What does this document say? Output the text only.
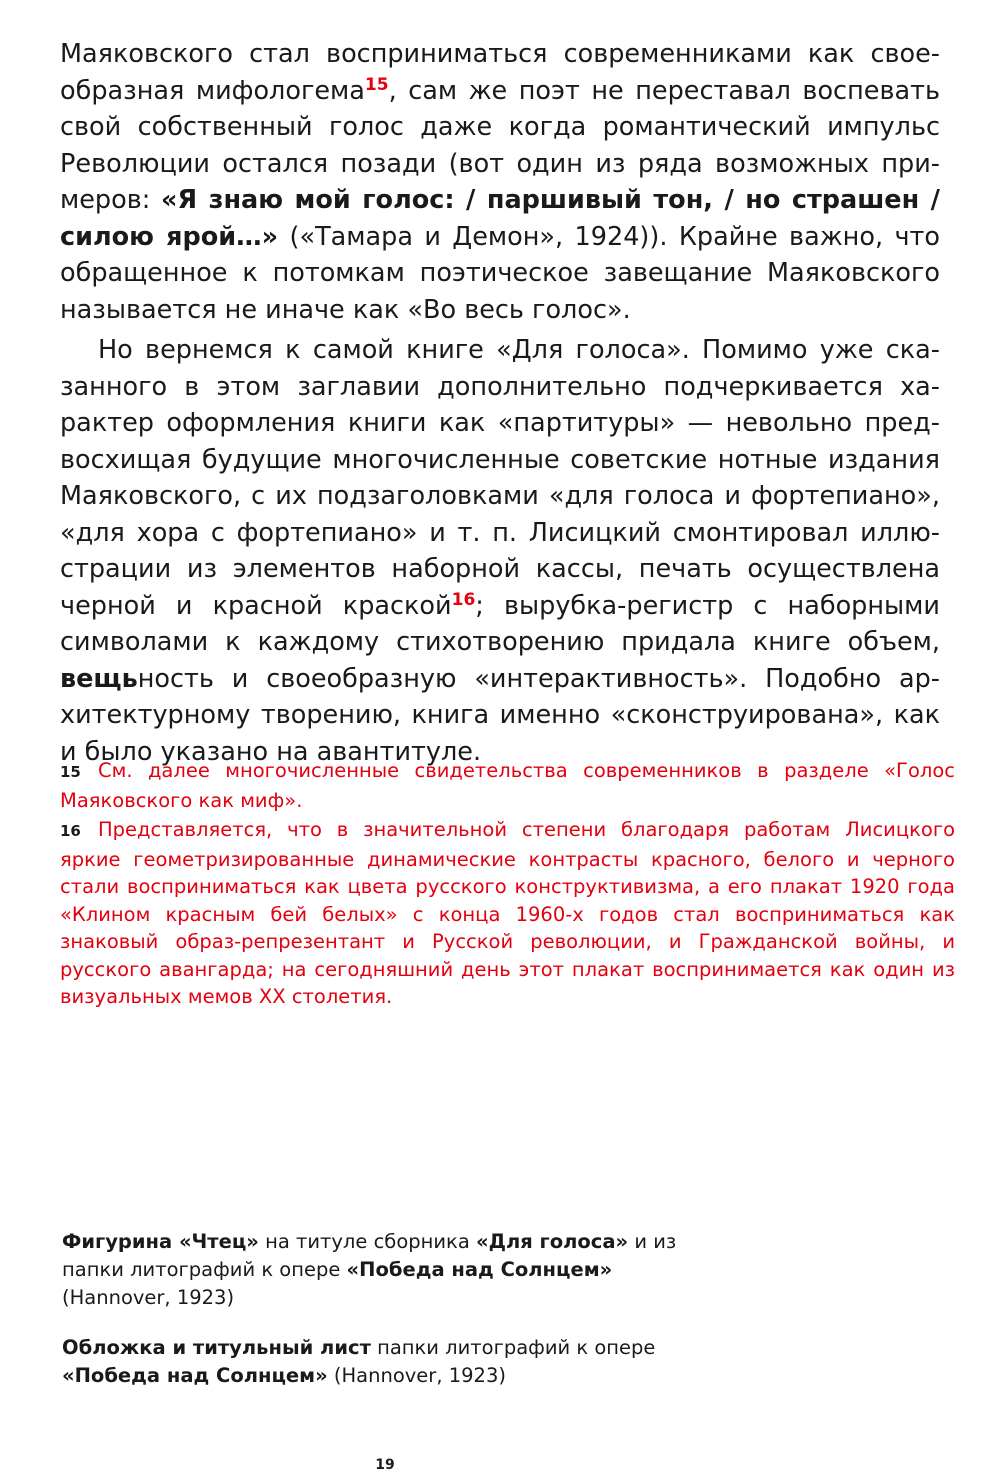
Маяковского стал восприниматься современниками как своеобразная мифологема$^{15}$, сам же поэт не переставал воспевать свой собственный голос даже когда романтический импульс Революции остался позади (вот один из ряда возможных примеров: «Я знаю мой голос: / паршивый тон, / но страшен / силою ярой…» («Тамара и Демон», 1924)). Крайне важно, что обращенное к потомкам поэтическое завещание Маяковского называется не иначе как «Во весь голос».

Но вернемся к самой книге «Для голоса». Помимо уже сказанного в этом заглавии дополнительно подчеркивается характер оформления книги как «партитуры» — невольно предвосхищая будущие многочисленные советские нотные издания Маяковского, с их подзаголовками «для голоса и фортепиано», «для хора с фортепиано» и т. п. Лисицкий смонтировал иллюстрации из элементов наборной кассы, печать осуществлена черной и красной краской$^{16}$; вырубка-регистр с наборными символами к каждому стихотворению придала книге объем, вещьность и своеобразную «интерактивность». Подобно архитектурному творению, книга именно «сконструирована», как и было указано на авантитуле.

15 См. далее многочисленные свидетельства современников в разделе «Голос Маяковского как миф».

16 Представляется, что в значительной степени благодаря работам Лисицкого яркие геометризированные динамические контрасты красного, белого и черного стали восприниматься как цвета русского конструктивизма, а его плакат 1920 года «Клином красным бей белых» с конца 1960-х годов стал восприниматься как знаковый образ-репрезентант и Русской революции, и Гражданской войны, и русского авангарда; на сегодняшний день этот плакат воспринимается как один из визуальных мемов XX столетия.

Фигурина «Чтец» на титуле сборника «Для голоса» и из папки литографий к опере «Победа над Солнцем» (Hannover, 1923)

Обложка и титульный лист папки литографий к опере «Победа над Солнцем» (Hannover, 1923)

19
